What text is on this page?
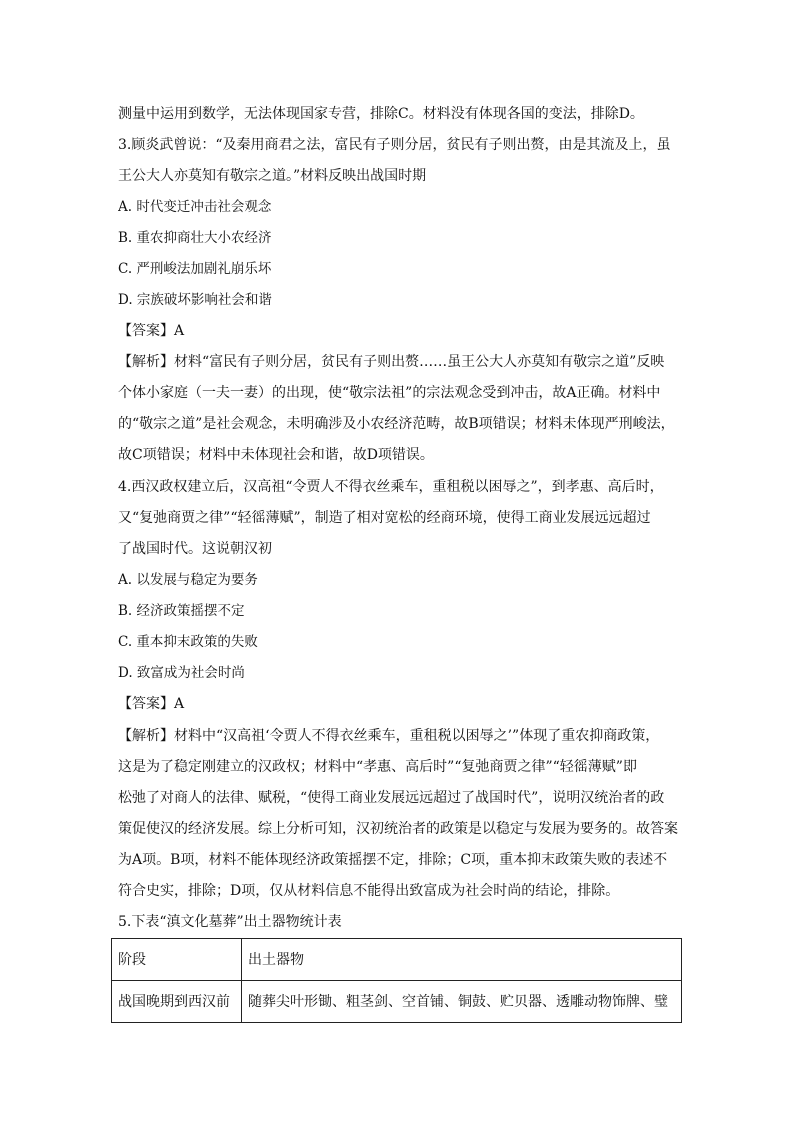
测量中运用到数学，无法体现国家专营，排除C。材料没有体现各国的变法，排除D。
3.顾炎武曾说：“及秦用商君之法，富民有子则分居，贫民有子则出赘，由是其流及上，虽
王公大人亦莫知有敬宗之道。”材料反映出战国时期
A. 时代变迁冲击社会观念
B. 重农抑商壮大小农经济
C. 严刑峻法加剧礼崩乐坏
D. 宗族破坏影响社会和谐
【答案】A
【解析】材料“富民有子则分居，贫民有子则出赘……虽王公大人亦莫知有敬宗之道”反映
个体小家庭（一夫一妻）的出现，使“敬宗法祖”的宗法观念受到冲击，故A正确。材料中
的“敬宗之道”是社会观念，未明确涉及小农经济范畴，故B项错误；材料未体现严刑峻法，
故C项错误；材料中未体现社会和谐，故D项错误。
4.西汉政权建立后，汉高祖“令贾人不得衣丝乘车，重租税以困辱之”，到孝惠、高后时，
又“复弛商贾之律”“轻徭薄赋”，制造了相对宽松的经商环境，使得工商业发展远远超过
了战国时代。这说朝汉初
A. 以发展与稳定为要务
B. 经济政策摇摆不定
C. 重本抑末政策的失败
D. 致富成为社会时尚
【答案】A
【解析】材料中“汉高祖‘令贾人不得衣丝乘车，重租税以困辱之’”体现了重农抑商政策，
这是为了稳定刚建立的汉政权；材料中“孝惠、高后时”“复弛商贾之律”“轻徭薄赋”即
松弛了对商人的法律、赋税，“使得工商业发展远远超过了战国时代”，说明汉统治者的政
策促使汉的经济发展。综上分析可知，汉初统治者的政策是以稳定与发展为要务的。故答案
为A项。B项，材料不能体现经济政策摇摆不定，排除；C项，重本抑末政策失败的表述不
符合史实，排除；D项，仅从材料信息不能得出致富成为社会时尚的结论，排除。
5.下表“滇文化墓葬”出土器物统计表
阶段	出土器物
战国晚期到西汉前	随葬尖叶形锄、粗茎剑、空首铺、铜鼓、贮贝器、透雕动物饰牌、璧
